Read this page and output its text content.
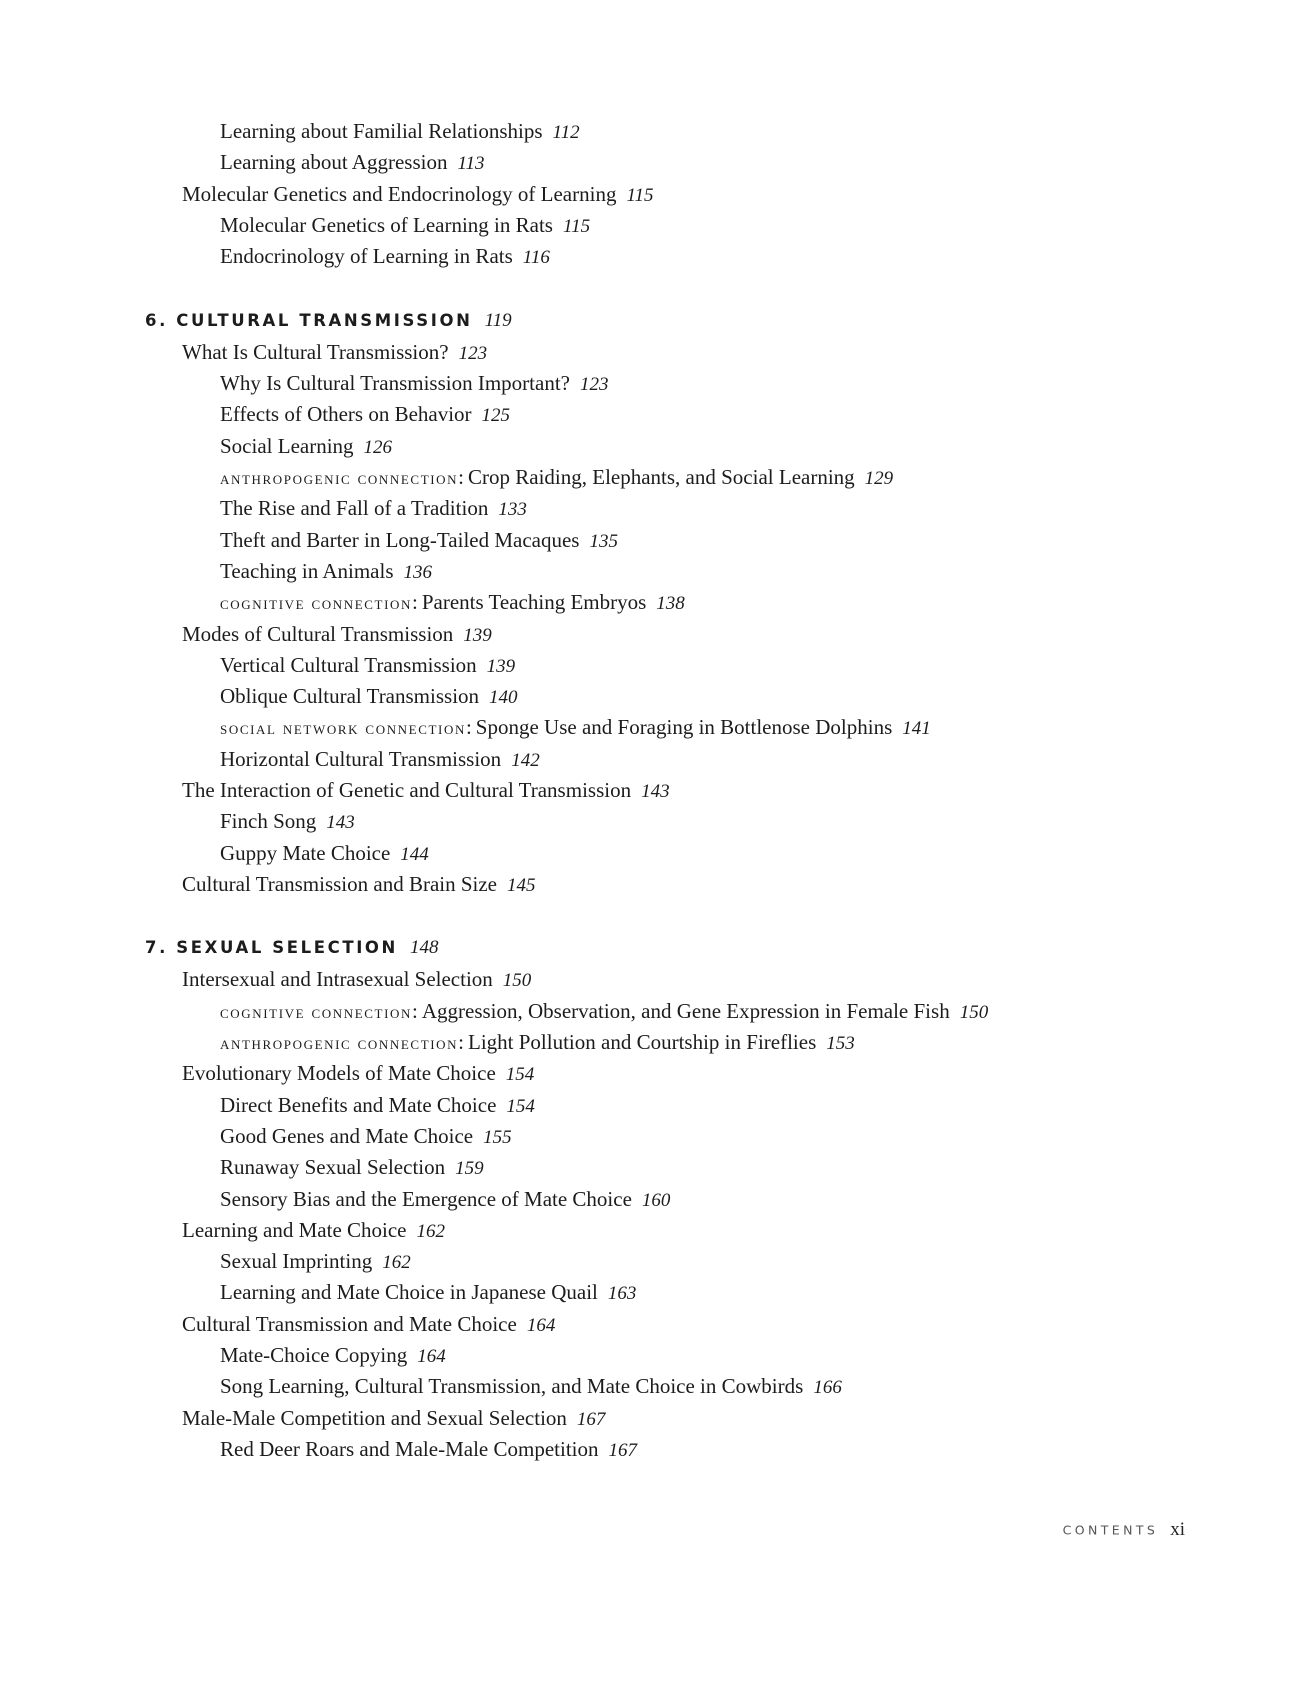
Learning about Familial Relationships 112
Learning about Aggression 113
Molecular Genetics and Endocrinology of Learning 115
Molecular Genetics of Learning in Rats 115
Endocrinology of Learning in Rats 116
6. CULTURAL TRANSMISSION 119
What Is Cultural Transmission? 123
Why Is Cultural Transmission Important? 123
Effects of Others on Behavior 125
Social Learning 126
anthropogenic connection: Crop Raiding, Elephants, and Social Learning 129
The Rise and Fall of a Tradition 133
Theft and Barter in Long-Tailed Macaques 135
Teaching in Animals 136
cognitive connection: Parents Teaching Embryos 138
Modes of Cultural Transmission 139
Vertical Cultural Transmission 139
Oblique Cultural Transmission 140
social network connection: Sponge Use and Foraging in Bottlenose Dolphins 141
Horizontal Cultural Transmission 142
The Interaction of Genetic and Cultural Transmission 143
Finch Song 143
Guppy Mate Choice 144
Cultural Transmission and Brain Size 145
7. SEXUAL SELECTION 148
Intersexual and Intrasexual Selection 150
cognitive connection: Aggression, Observation, and Gene Expression in Female Fish 150
anthropogenic connection: Light Pollution and Courtship in Fireflies 153
Evolutionary Models of Mate Choice 154
Direct Benefits and Mate Choice 154
Good Genes and Mate Choice 155
Runaway Sexual Selection 159
Sensory Bias and the Emergence of Mate Choice 160
Learning and Mate Choice 162
Sexual Imprinting 162
Learning and Mate Choice in Japanese Quail 163
Cultural Transmission and Mate Choice 164
Mate-Choice Copying 164
Song Learning, Cultural Transmission, and Mate Choice in Cowbirds 166
Male-Male Competition and Sexual Selection 167
Red Deer Roars and Male-Male Competition 167
CONTENTS xi
